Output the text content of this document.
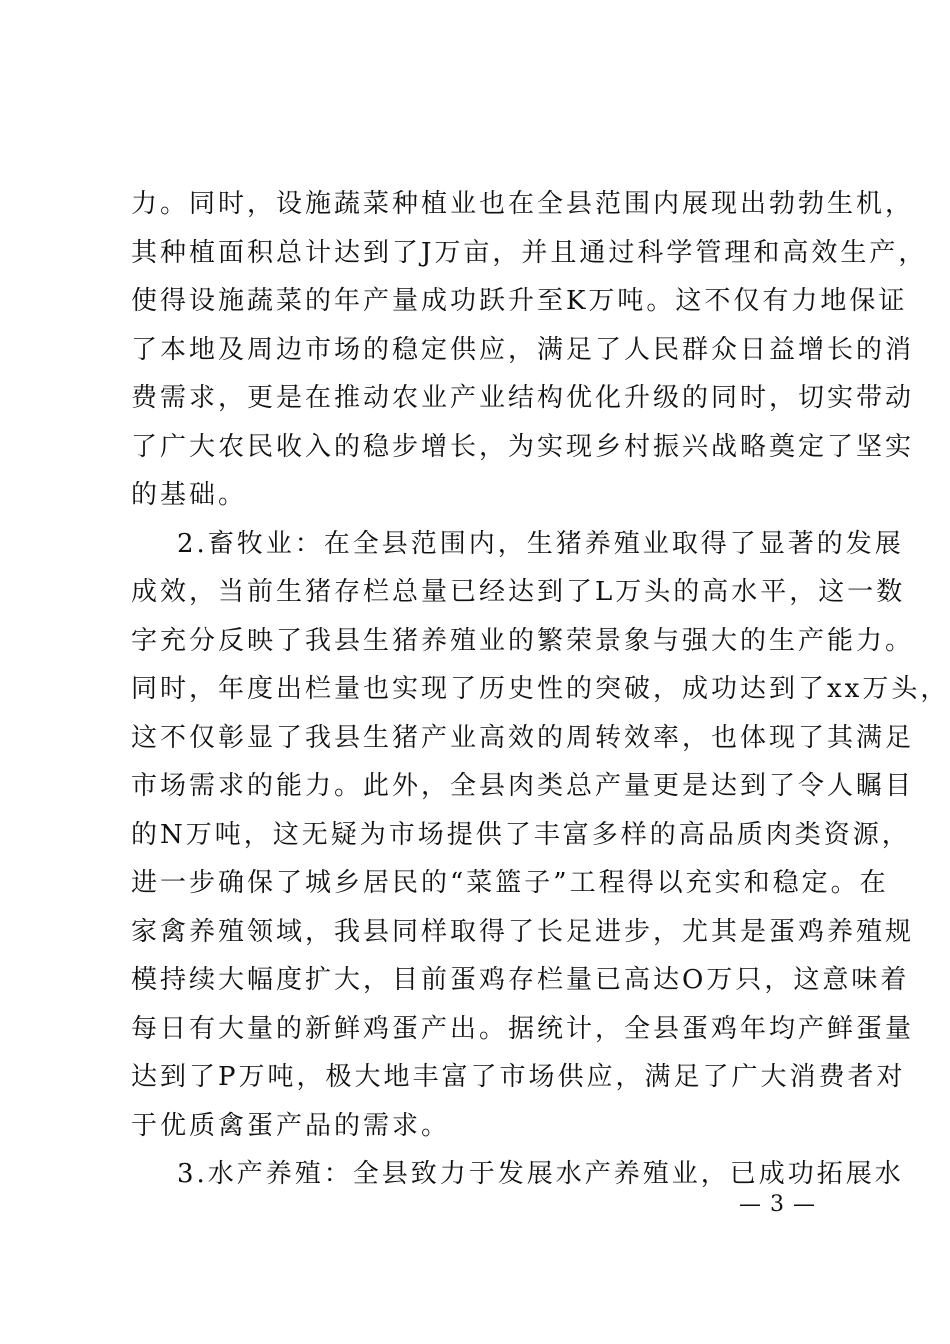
力。同时，设施蔬菜种植业也在全县范围内展现出勃勃生机，
其种植面积总计达到了J万亩，并且通过科学管理和高效生产，
使得设施蔬菜的年产量成功跃升至K万吨。这不仅有力地保证
了本地及周边市场的稳定供应，满足了人民群众日益增长的消
费需求，更是在推动农业产业结构优化升级的同时，切实带动
了广大农民收入的稳步增长，为实现乡村振兴战略奠定了坚实
的基础。
2.畜牧业：在全县范围内，生猪养殖业取得了显著的发展
成效，当前生猪存栏总量已经达到了L万头的高水平，这一数
字充分反映了我县生猪养殖业的繁荣景象与强大的生产能力。
同时，年度出栏量也实现了历史性的突破，成功达到了xx万头，
这不仅彰显了我县生猪产业高效的周转效率，也体现了其满足
市场需求的能力。此外，全县肉类总产量更是达到了令人瞩目
的N万吨，这无疑为市场提供了丰富多样的高品质肉类资源，
进一步确保了城乡居民的“菜篮子”工程得以充实和稳定。在
家禽养殖领域，我县同样取得了长足进步，尤其是蛋鸡养殖规
模持续大幅度扩大，目前蛋鸡存栏量已高达O万只，这意味着
每日有大量的新鲜鸡蛋产出。据统计，全县蛋鸡年均产鲜蛋量
达到了P万吨，极大地丰富了市场供应，满足了广大消费者对
于优质禽蛋产品的需求。
3.水产养殖：全县致力于发展水产养殖业，已成功拓展水
— 3 —
